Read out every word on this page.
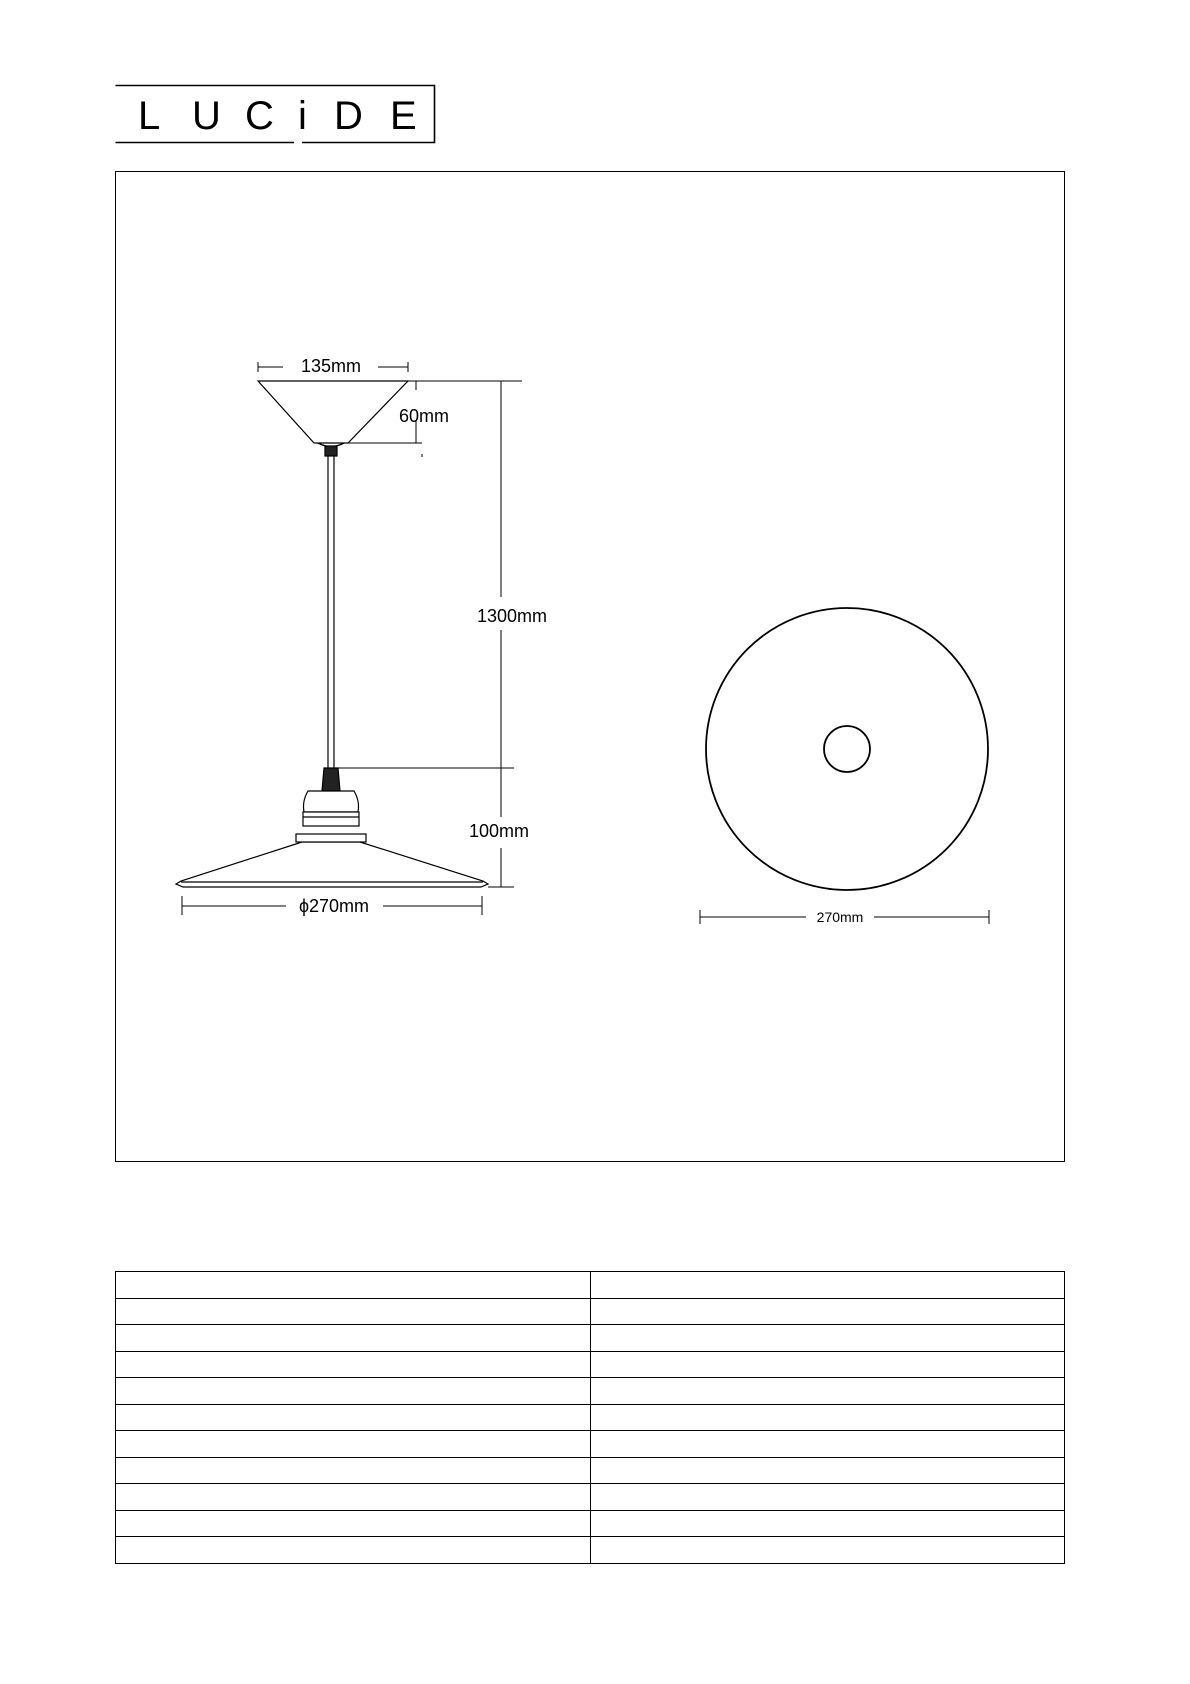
L U C i D E
135mm
60mm
1300mm
100mm
ϕ270mm
270mm
